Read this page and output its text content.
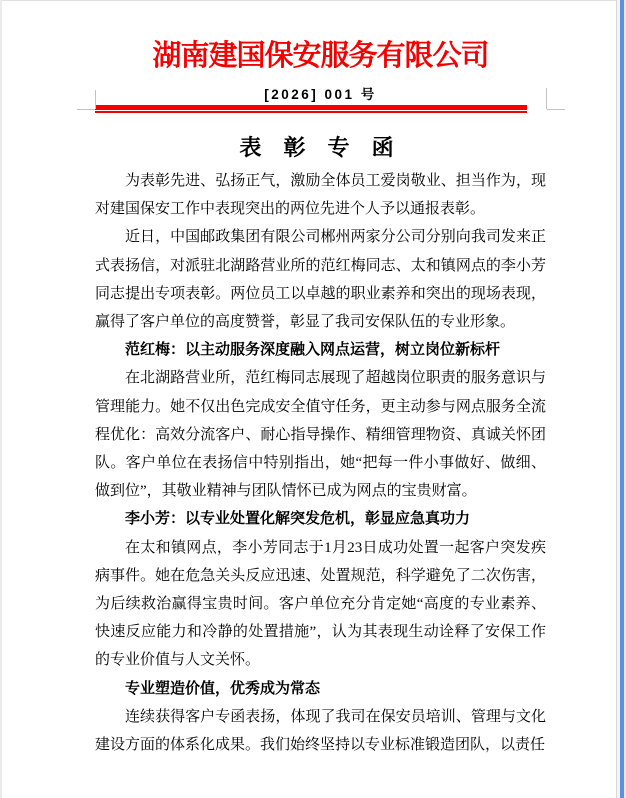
湖南建国保安服务有限公司
[2026] 001 号
表 彰 专 函

为表彰先进、弘扬正气，激励全体员工爱岗敬业、担当作为，现对建国保安工作中表现突出的两位先进个人予以通报表彰。

近日，中国邮政集团有限公司郴州两家分公司分别向我司发来正式表扬信，对派驻北湖路营业所的范红梅同志、太和镇网点的李小芳同志提出专项表彰。两位员工以卓越的职业素养和突出的现场表现，赢得了客户单位的高度赞誉，彰显了我司安保队伍的专业形象。

范红梅：以主动服务深度融入网点运营，树立岗位新标杆

在北湖路营业所，范红梅同志展现了超越岗位职责的服务意识与管理能力。她不仅出色完成安全值守任务，更主动参与网点服务全流程优化：高效分流客户、耐心指导操作、精细管理物资、真诚关怀团队。客户单位在表扬信中特别指出，她“把每一件小事做好、做细、做到位”，其敬业精神与团队情怀已成为网点的宝贵财富。

李小芳：以专业处置化解突发危机，彰显应急真功力

在太和镇网点，李小芳同志于1月23日成功处置一起客户突发疾病事件。她在危急关头反应迅速、处置规范，科学避免了二次伤害，为后续救治赢得宝贵时间。客户单位充分肯定她“高度的专业素养、快速反应能力和冷静的处置措施”，认为其表现生动诠释了安保工作的专业价值与人文关怀。

专业塑造价值，优秀成为常态

连续获得客户专函表扬，体现了我司在保安员培训、管理与文化建设方面的体系化成果。我们始终坚持以专业标准锻造团队，以责任
